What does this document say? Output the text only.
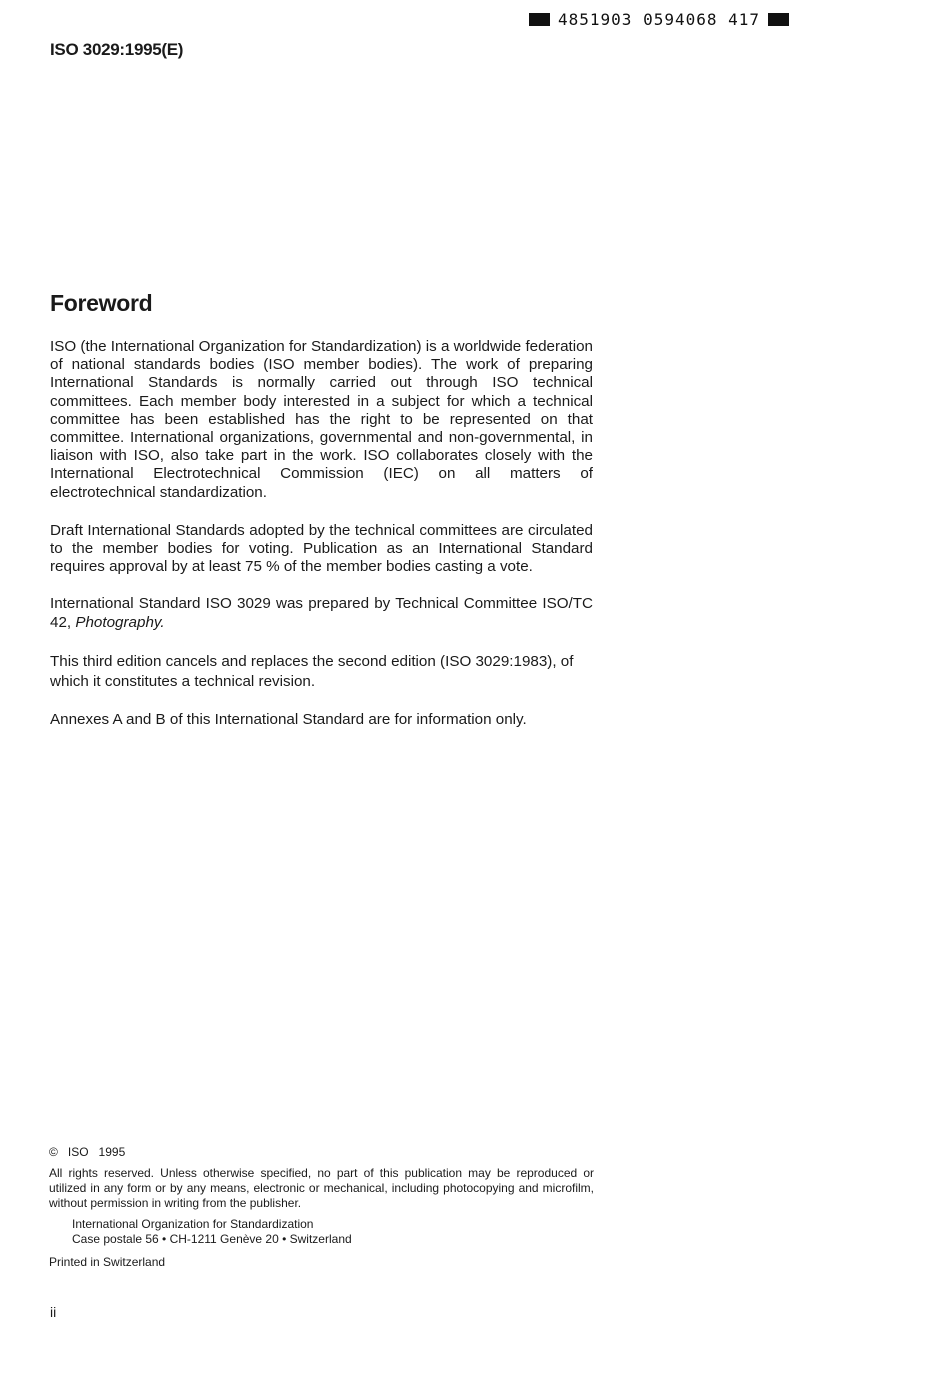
4851903 0594068 417
ISO 3029:1995(E)
Foreword

ISO (the International Organization for Standardization) is a worldwide federation of national standards bodies (ISO member bodies). The work of preparing International Standards is normally carried out through ISO technical committees. Each member body interested in a subject for which a technical committee has been established has the right to be represented on that committee. International organizations, governmental and non-governmental, in liaison with ISO, also take part in the work. ISO collaborates closely with the International Electrotechnical Commission (IEC) on all matters of electrotechnical standardization.

Draft International Standards adopted by the technical committees are circulated to the member bodies for voting. Publication as an International Standard requires approval by at least 75 % of the member bodies casting a vote.

International Standard ISO 3029 was prepared by Technical Committee ISO/TC 42, Photography.

This third edition cancels and replaces the second edition (ISO 3029:1983), of which it constitutes a technical revision.

Annexes A and B of this International Standard are for information only.

© ISO 1995
All rights reserved. Unless otherwise specified, no part of this publication may be reproduced or utilized in any form or by any means, electronic or mechanical, including photocopying and microfilm, without permission in writing from the publisher.
International Organization for Standardization
Case postale 56 • CH-1211 Genève 20 • Switzerland
Printed in Switzerland
ii
